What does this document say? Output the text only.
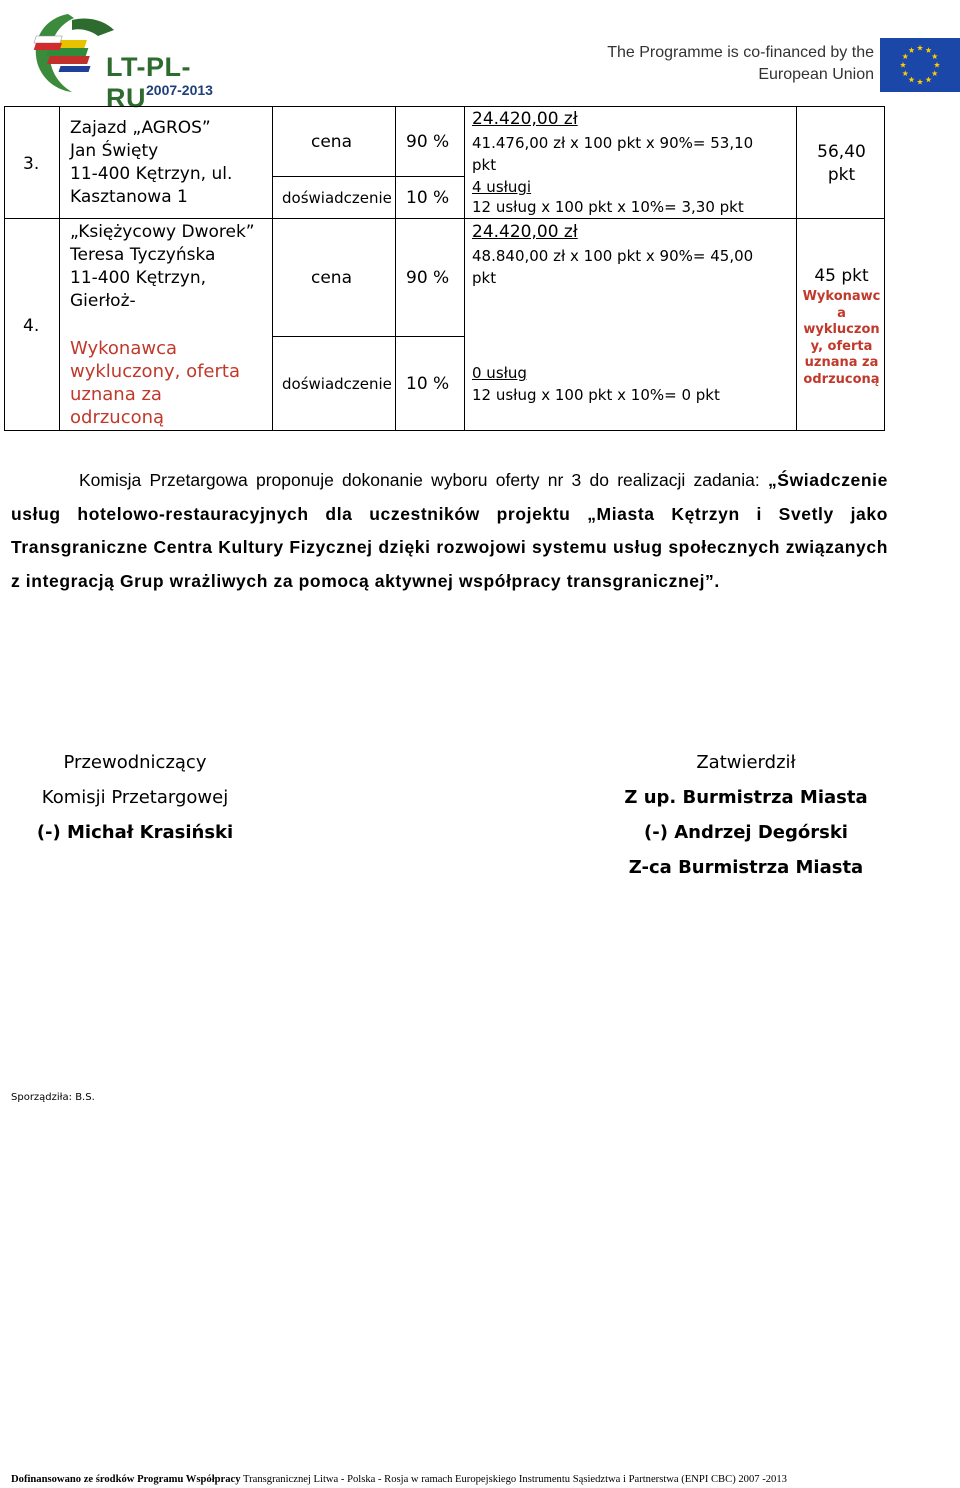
LT-PL-RU 2007-2013
The Programme is co-financed by the
European Union
3.
4.
Zajazd „AGROS”
Jan Święty
11-400 Kętrzyn, ul.
Kasztanowa 1
„Księżycowy Dworek”
Teresa Tyczyńska
11-400 Kętrzyn,
Gierłoż-
Wykonawca
wykluczony, oferta
uznana za
odrzuconą
cena
doświadczenie
cena
doświadczenie
90 %
10 %
90 %
10 %
24.420,00 zł
41.476,00 zł x 100 pkt x 90%= 53,10
pkt
4 usługi
12 usług x 100 pkt x 10%= 3,30 pkt
24.420,00 zł
48.840,00 zł x 100 pkt x 90%= 45,00
pkt
0 usług
12 usług x 100 pkt x 10%= 0 pkt
56,40
pkt
45 pkt
Wykonawc
a
wykluczon
y, oferta
uznana za
odrzuconą
Komisja Przetargowa proponuje dokonanie wyboru oferty nr 3 do realizacji zadania: „Świadczenie usług hotelowo-restauracyjnych dla uczestników projektu „Miasta Kętrzyn i Svetly jako Transgraniczne Centra Kultury Fizycznej dzięki rozwojowi systemu usług społecznych związanych z integracją Grup wrażliwych za pomocą aktywnej współpracy transgranicznej”.
Przewodniczący
Komisji Przetargowej
(-) Michał Krasiński
Zatwierdził
Z up. Burmistrza Miasta
(-) Andrzej Degórski
Z-ca Burmistrza Miasta
Sporządziła: B.S.
Dofinansowano ze środków Programu Współpracy Transgranicznej Litwa - Polska - Rosja w ramach Europejskiego Instrumentu Sąsiedztwa i Partnerstwa (ENPI CBC) 2007 -2013
